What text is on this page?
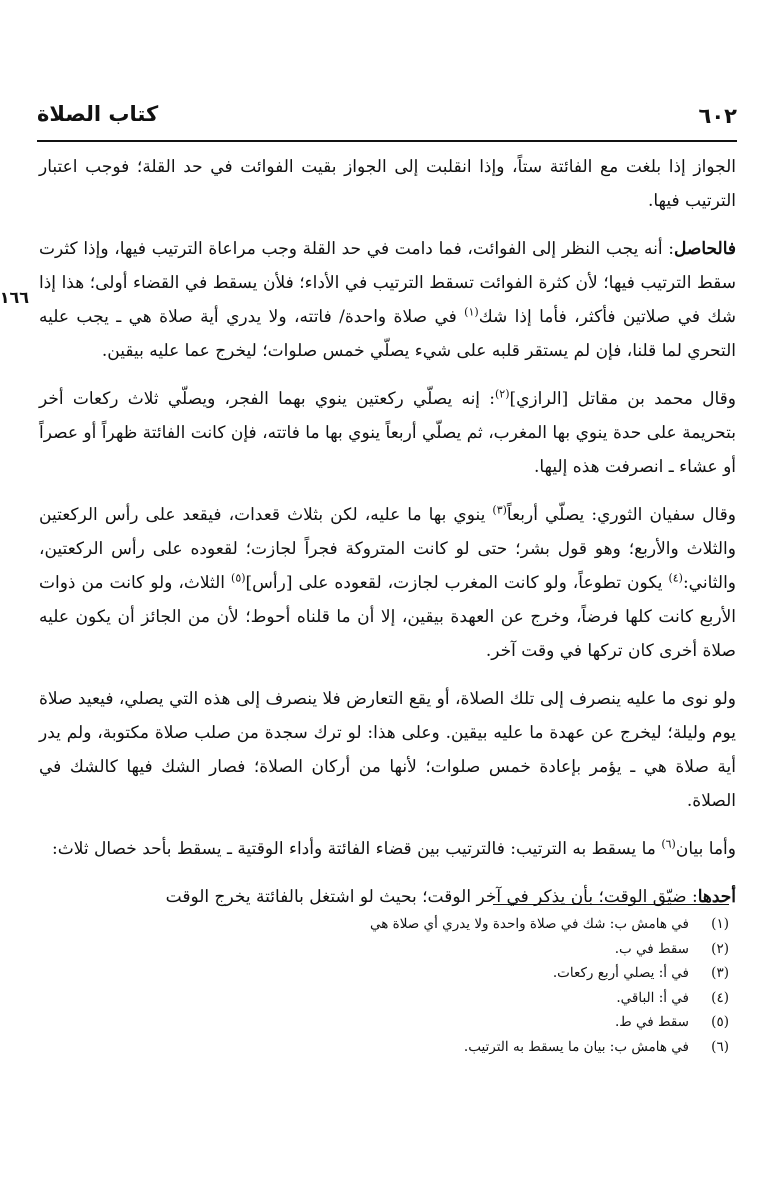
٦٠٢
كتاب الصلاة
١٦٦

الجواز إذا بلغت مع الفائتة ستاً، وإذا انقلبت إلى الجواز بقيت الفوائت في حد القلة؛ فوجب اعتبار الترتيب فيها.

فالحاصل: أنه يجب النظر إلى الفوائت، فما دامت في حد القلة وجب مراعاة الترتيب فيها، وإذا كثرت سقط الترتيب فيها؛ لأن كثرة الفوائت تسقط الترتيب في الأداء؛ فلأن يسقط في القضاء أولى؛ هذا إذا شك في صلاتين فأكثر، فأما إذا شك$^{(١)}$ في صلاة واحدة/ فاتته، ولا يدري أية صلاة هي ـ يجب عليه التحري لما قلنا، فإن لم يستقر قلبه على شيء يصلّي خمس صلوات؛ ليخرج عما عليه بيقين.

وقال محمد بن مقاتل [الرازي]$^{(٢)}$: إنه يصلّي ركعتين ينوي بهما الفجر، ويصلّي ثلاث ركعات أخر بتحريمة على حدة ينوي بها المغرب، ثم يصلّي أربعاً ينوي بها ما فاتته، فإن كانت الفائتة ظهراً أو عصراً أو عشاء ـ انصرفت هذه إليها.

وقال سفيان الثوري: يصلّي أربعاً$^{(٣)}$ ينوي بها ما عليه، لكن بثلاث قعدات، فيقعد على رأس الركعتين والثلاث والأربع؛ وهو قول بشر؛ حتى لو كانت المتروكة فجراً لجازت؛ لقعوده على رأس الركعتين، والثاني:$^{(٤)}$ يكون تطوعاً، ولو كانت المغرب لجازت، لقعوده على [رأس]$^{(٥)}$ الثلاث، ولو كانت من ذوات الأربع كانت كلها فرضاً، وخرج عن العهدة بيقين، إلا أن ما قلناه أحوط؛ لأن من الجائز أن يكون عليه صلاة أخرى كان تركها في وقت آخر.

ولو نوى ما عليه ينصرف إلى تلك الصلاة، أو يقع التعارض فلا ينصرف إلى هذه التي يصلي، فيعيد صلاة يوم وليلة؛ ليخرج عن عهدة ما عليه بيقين. وعلى هذا: لو ترك سجدة من صلب صلاة مكتوبة، ولم يدر أية صلاة هي ـ يؤمر بإعادة خمس صلوات؛ لأنها من أركان الصلاة؛ فصار الشك فيها كالشك في الصلاة.

وأما بيان$^{(٦)}$ ما يسقط به الترتيب: فالترتيب بين قضاء الفائتة وأداء الوقتية ـ يسقط بأحد خصال ثلاث:

أحدها: ضيّق الوقت؛ بأن يذكر في آخر الوقت؛ بحيث لو اشتغل بالفائتة يخرج الوقت

(١)في هامش ب: شك في صلاة واحدة ولا يدري أي صلاة هي
(٢)سقط في ب.
(٣)في أ: يصلي أربع ركعات.
(٤)في أ: الباقي.
(٥)سقط في ط.
(٦)في هامش ب: بيان ما يسقط به الترتيب.
